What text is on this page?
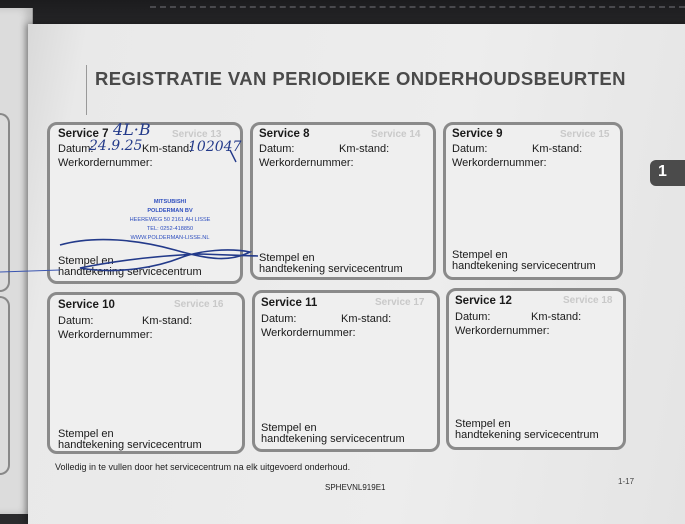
REGISTRATIE VAN PERIODIEKE ONDERHOUDSBEURTEN
1
Service 13
Service 7
Datum:	Km-stand:
Werkordernummer:
Stempel en
handtekening servicecentrum
Service 14
Service 8
Datum:	Km-stand:
Werkordernummer:
Stempel en
handtekening servicecentrum
Service 15
Service 9
Datum:	Km-stand:
Werkordernummer:
Stempel en
handtekening servicecentrum
Service 16
Service 10
Datum:	Km-stand:
Werkordernummer:
Stempel en
handtekening servicecentrum
Service 17
Service 11
Datum:	Km-stand:
Werkordernummer:
Stempel en
handtekening servicecentrum
Service 18
Service 12
Datum:	Km-stand:
Werkordernummer:
Stempel en
handtekening servicecentrum
4L·B
24.9.25	102047
MITSUBISHI
POLDERMAN BV
HEEREWEG 50 2161 AH LISSE
TEL: 0252-418850
WWW.POLDERMAN-LISSE.NL
Volledig in te vullen door het servicecentrum na elk uitgevoerd onderhoud.
SPHEVNL919E1
1-17
